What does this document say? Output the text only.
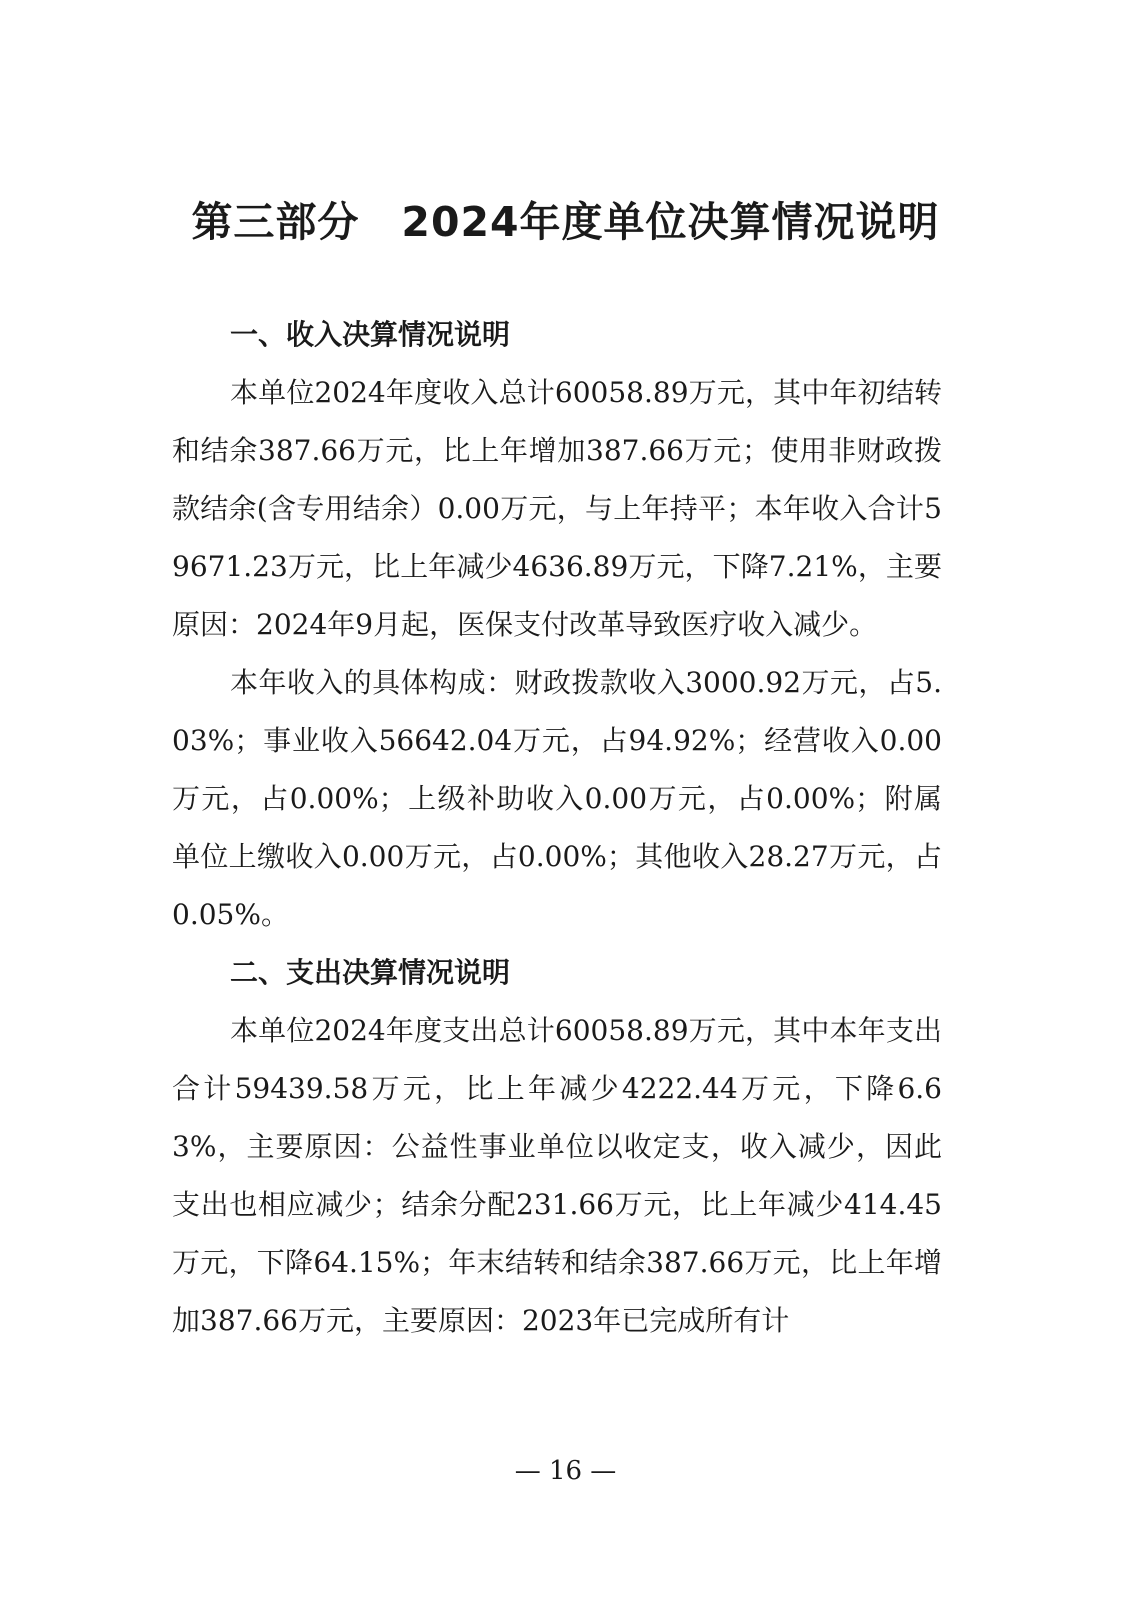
第三部分　2024年度单位决算情况说明
一、收入决算情况说明

本单位2024年度收入总计60058.89万元，其中年初结转和结余387.66万元，比上年增加387.66万元；使用非财政拨款结余(含专用结余）0.00万元，与上年持平；本年收入合计59671.23万元，比上年减少4636.89万元，下降7.21%，主要原因：2024年9月起，医保支付改革导致医疗收入减少。

本年收入的具体构成：财政拨款收入3000.92万元，占5.03%；事业收入56642.04万元，占94.92%；经营收入0.00万元，占0.00%；上级补助收入0.00万元，占0.00%；附属单位上缴收入0.00万元，占0.00%；其他收入28.27万元，占0.05%。

二、支出决算情况说明

本单位2024年度支出总计60058.89万元，其中本年支出合计59439.58万元，比上年减少4222.44万元，下降6.63%，主要原因：公益性事业单位以收定支，收入减少，因此支出也相应减少；结余分配231.66万元，比上年减少414.45万元，下降64.15%；年末结转和结余387.66万元，比上年增加387.66万元，主要原因：2023年已完成所有计

— 16 —
